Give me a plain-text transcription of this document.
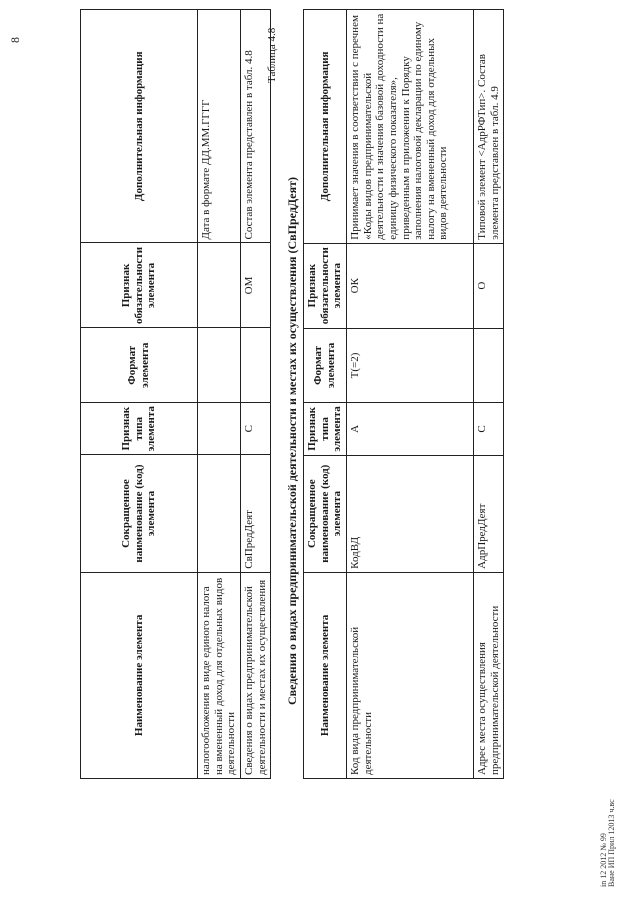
8
Наименование элемента	Сокращенное наименование (код) элемента	Признак типа элемента	Формат элемента	Признак обязательности элемента	Дополнительная информация
налогообложения в виде единого налога на вмененный доход для отдельных видов деятельности					Дата в формате ДД.ММ.ГГГГ
Сведения о видах предпринимательской деятельности и местах их осуществления	СвПредДеят	С		ОМ	Состав элемента представлен в табл. 4.8 Таблица 4.8
Сведения о видах предпринимательской деятельности и местах их осуществления (СвПредДеят) Наименование элемента	Сокращенное наименование (код) элемента	Признак типа элемента	Формат элемента	Признак обязательности элемента	Дополнительная информация
Код вида предпринимательской деятельности	КодВД	А	T(=2)	ОК	Принимает значения в соответствии с перечнем «Коды видов предпринимательской деятельности и значения базовой доходности на единицу физического показателя», приведенным в приложении к Порядку заполнения налоговой декларации по единому налогу на вмененный доход для отдельных видов деятельности
Адрес места осуществления предпринимательской деятельности	АдрПредДеят	С		О	Типовой элемент <АдрРФТип>. Состав элемента представлен в табл. 4.9
in 12 2012 № 99 Ване ИП Прил 12013 ч.вс
